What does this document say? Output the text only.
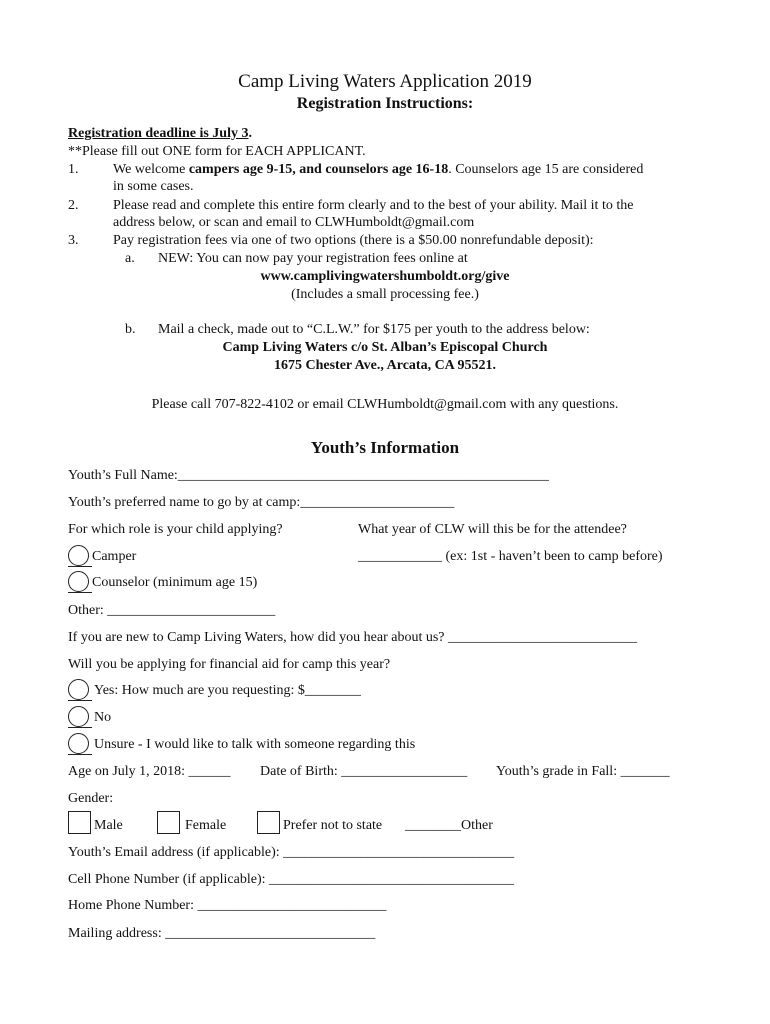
Camp Living Waters Application 2019
Registration Instructions:
Registration deadline is July 3.
**Please fill out ONE form for EACH APPLICANT.
1. We welcome campers age 9-15, and counselors age 16-18. Counselors age 15 are considered
in some cases.
2. Please read and complete this entire form clearly and to the best of your ability. Mail it to the
address below, or scan and email to CLWHumboldt@gmail.com
3. Pay registration fees via one of two options (there is a $50.00 nonrefundable deposit):
a. NEW: You can now pay your registration fees online at
www.camplivingwatershumboldt.org/give
(Includes a small processing fee.)
b. Mail a check, made out to “C.L.W.” for $175 per youth to the address below:
Camp Living Waters c/o St. Alban’s Episcopal Church
1675 Chester Ave., Arcata, CA 95521.
Please call 707-822-4102 or email CLWHumboldt@gmail.com with any questions.
Youth’s Information
Youth’s Full Name:_____________________________________________________
Youth’s preferred name to go by at camp:______________________
For which role is your child applying?	What year of CLW will this be for the attendee?
Camper	____________ (ex: 1st - haven’t been to camp before)
Counselor (minimum age 15)
Other: ________________________
If you are new to Camp Living Waters, how did you hear about us? ___________________________
Will you be applying for financial aid for camp this year?
Yes: How much are you requesting: $________
No
Unsure - I would like to talk with someone regarding this
Age on July 1, 2018: ______ Date of Birth: __________________ Youth’s grade in Fall: _______
Gender:
Male	Female	Prefer not to state ________Other
Youth’s Email address (if applicable): _________________________________
Cell Phone Number (if applicable): ___________________________________
Home Phone Number: ___________________________
Mailing address: ______________________________
